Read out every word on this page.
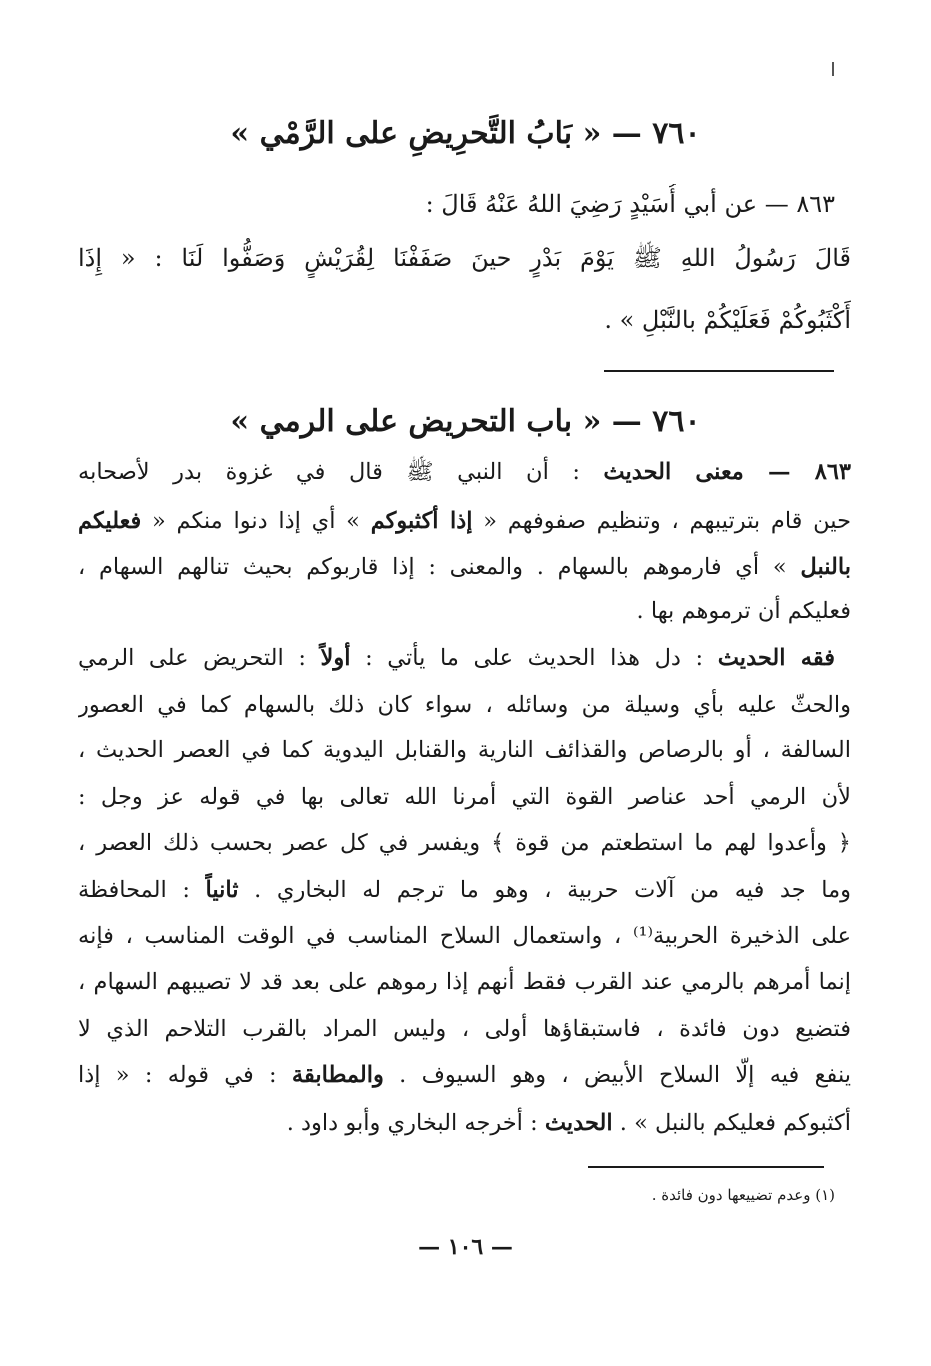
٧٦٠ — « بَابُ التَّحرِيضِ على الرَّمْي »
٨٦٣ — عن أبي أُسَيْدٍ رَضِيَ اللهُ عَنْهُ قَالَ :
قَالَ رَسُولُ اللهِ ﷺ يَوْمَ بَدْرٍ حينَ صَفَفْنَا لِقُرَيْشٍ وَصَفُّوا لَنَا : « إِذَا
أَكْثَبُوكُمْ فَعَلَيْكُمْ بالنَّبْلِ » .
٧٦٠ — « باب التحريض على الرمي »
٨٦٣ — معنى الحديث : أن النبي ﷺ قال في غزوة بدر لأصحابه
حين قام بترتيبهم ، وتنظيم صفوفهم « إذا أكثبوكم » أي إذا دنوا منكم « فعليكم
بالنبل » أي فارموهم بالسهام . والمعنى : إذا قاربوكم بحيث تنالهم السهام ،
فعليكم أن ترموهم بها .
فقه الحديث : دل هذا الحديث على ما يأتي : أولاً : التحريض على الرمي
والحثّ عليه بأي وسيلة من وسائله ، سواء كان ذلك بالسهام كما في العصور
السالفة ، أو بالرصاص والقذائف النارية والقنابل اليدوية كما في العصر الحديث ،
لأن الرمي أحد عناصر القوة التي أمرنا الله تعالى بها في قوله عز وجل :
﴿ وأعدوا لهم ما استطعتم من قوة ﴾ ويفسر في كل عصر بحسب ذلك العصر ،
وما جد فيه من آلات حربية ، وهو ما ترجم له البخاري . ثانياً : المحافظة
على الذخيرة الحربية⁽¹⁾ ، واستعمال السلاح المناسب في الوقت المناسب ، فإنه
إنما أمرهم بالرمي عند القرب فقط أنهم إذا رموهم على بعد قد لا تصيبهم السهام ،
فتضيع دون فائدة ، فاستبقاؤها أولى ، وليس المراد بالقرب التلاحم الذي لا
ينفع فيه إلّا السلاح الأبيض ، وهو السيوف . والمطابقة : في قوله : « إذا
أكثبوكم فعليكم بالنبل » . الحديث : أخرجه البخاري وأبو داود .
(١) وعدم تضييعها دون فائدة .
— ١٠٦ —
